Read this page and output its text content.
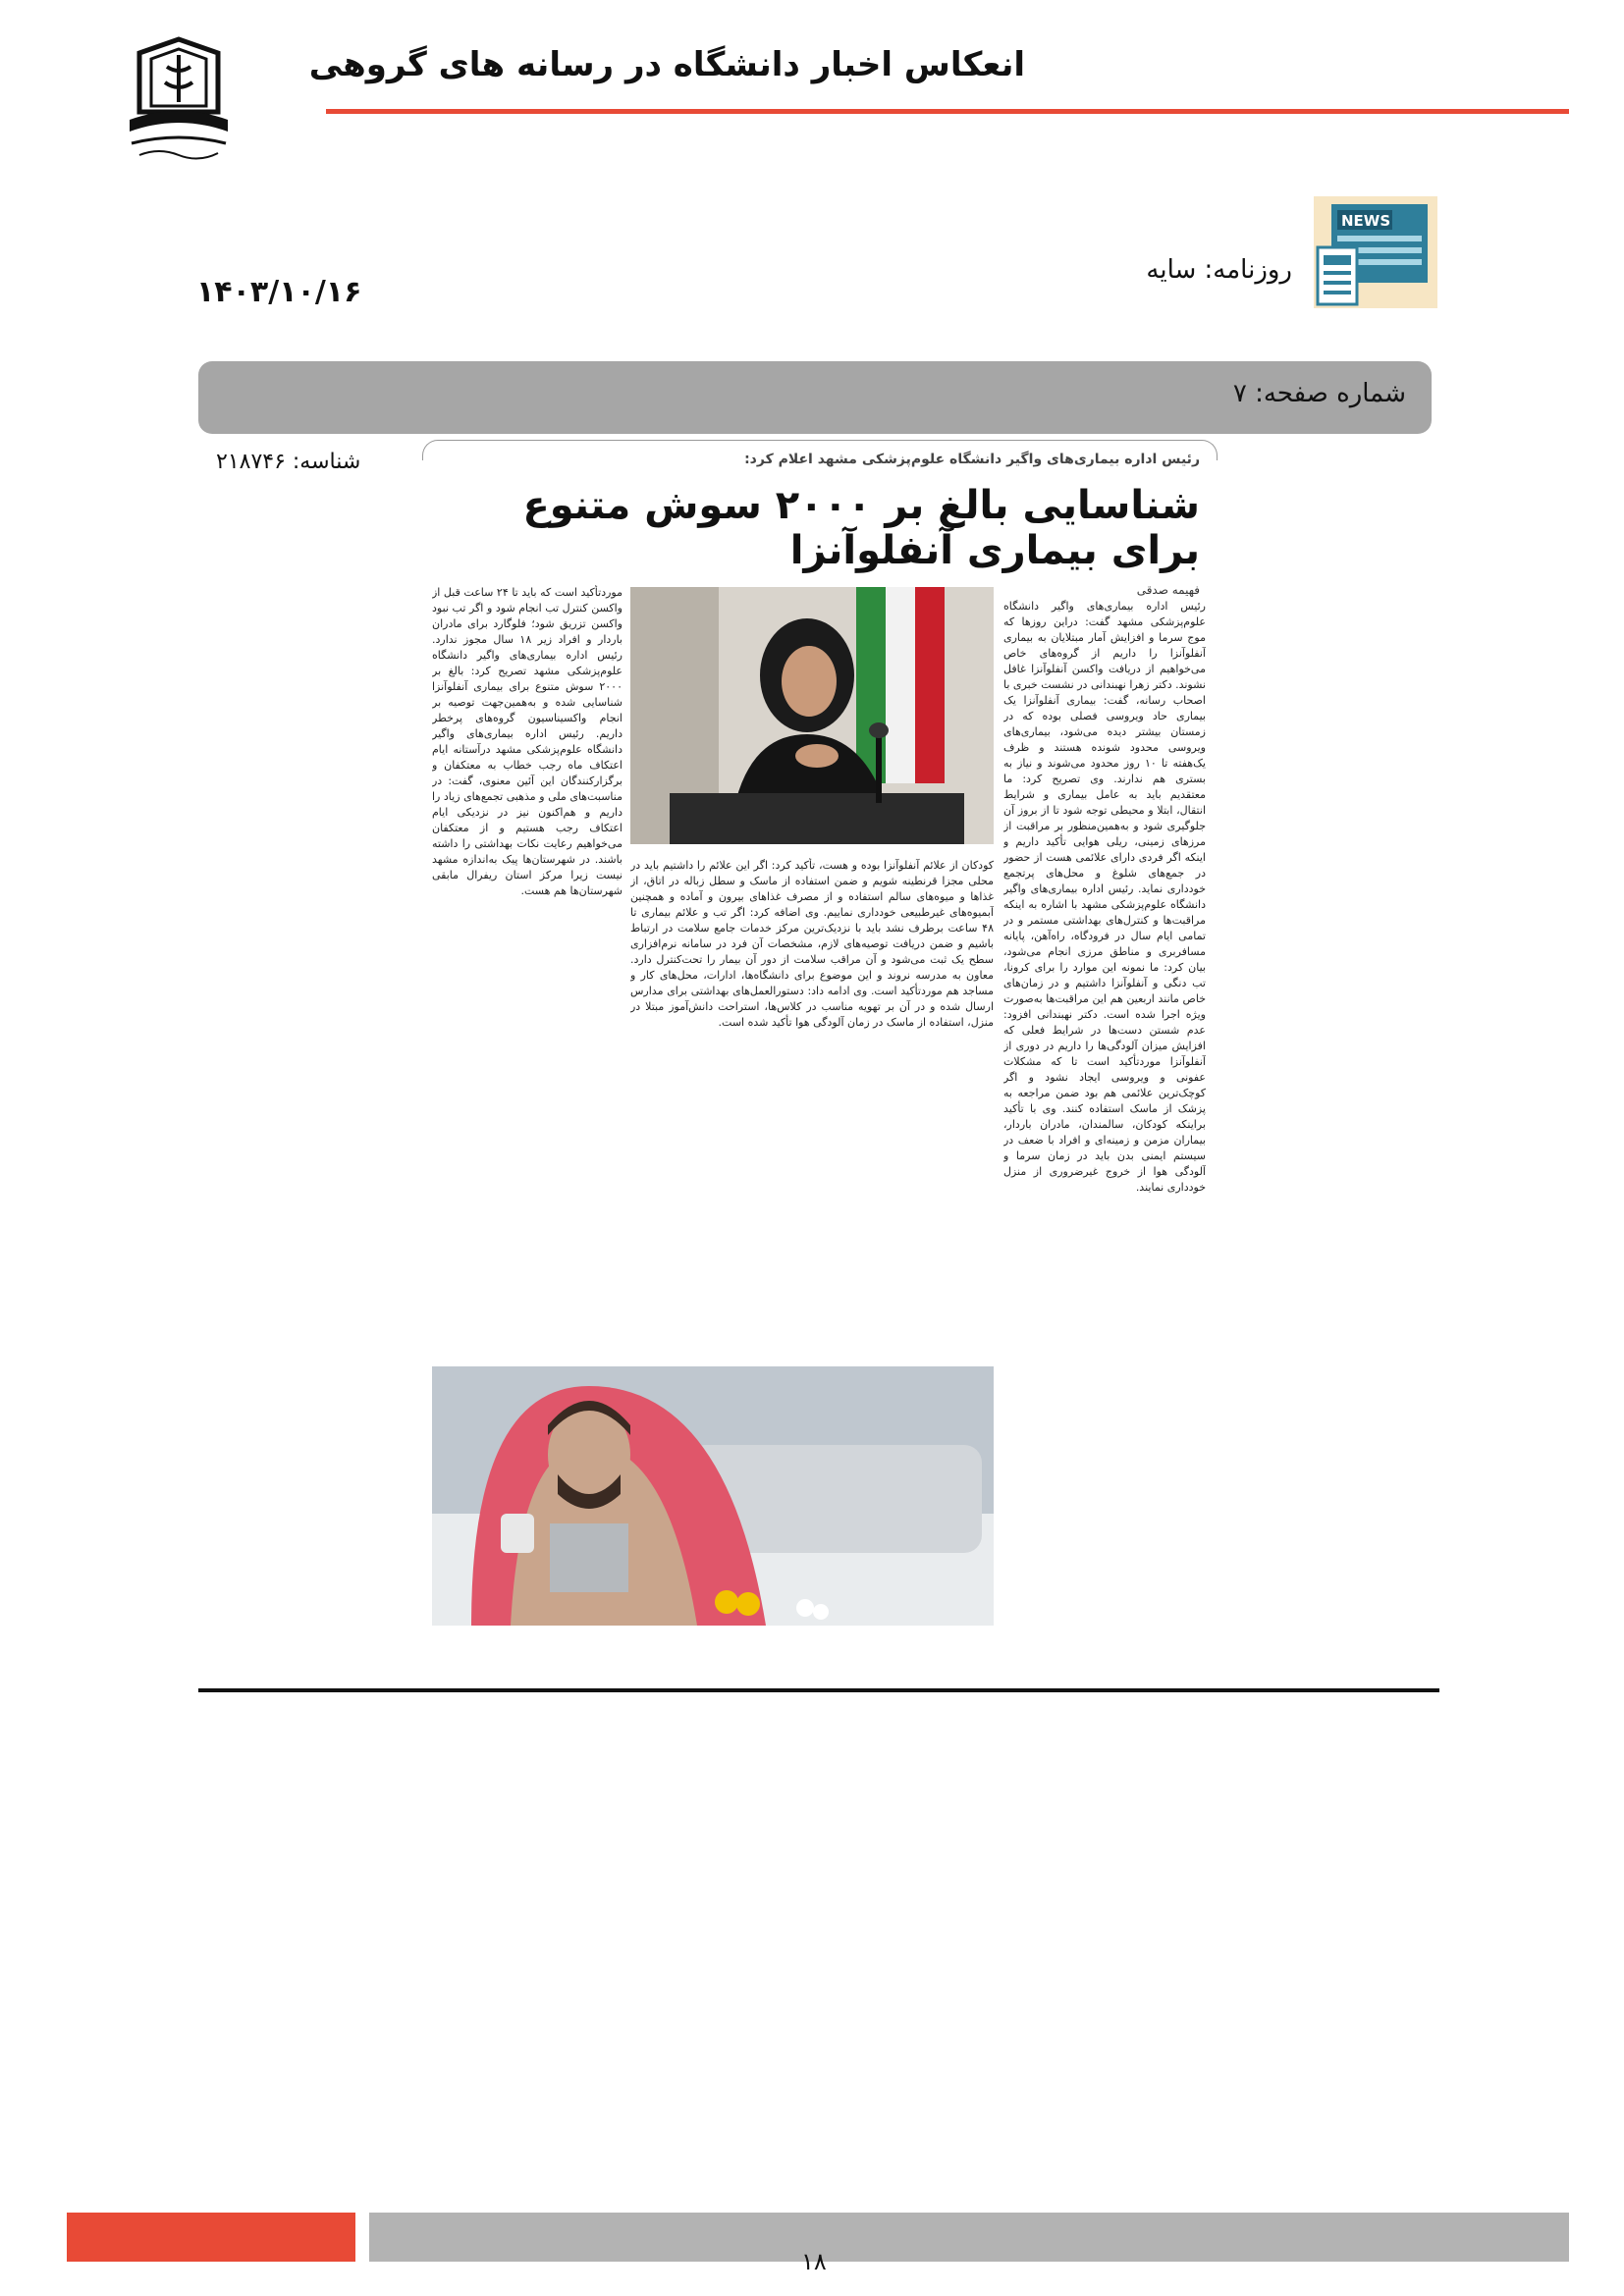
انعکاس اخبار دانشگاه در رسانه های گروهی
NEWS
روزنامه: سایه
۱۴۰۳/۱۰/۱۶
شماره صفحه: ۷
شناسه: ۲۱۸۷۴۶	رئیس اداره بیماری‌های واگیر دانشگاه علوم‌پزشکی مشهد اعلام کرد:
شناسایی بالغ بر ۲۰۰۰ سوش متنوع برای بیماری آنفلوآنزا
فهیمه صدقی
رئیس اداره بیماری‌های واگیر دانشگاه علوم‌پزشکی مشهد گفت: دراین روزها که موج سرما و افزایش آمار مبتلایان به بیماری آنفلوآنزا را داریم از گروه‌های خاص می‌خواهیم از دریافت واکسن آنفلوآنزا غافل نشوند. دکتر زهرا نهبندانی در نشست خبری با اصحاب رسانه، گفت: بیماری آنفلوآنزا یک بیماری حاد ویروسی فصلی بوده که در زمستان بیشتر دیده می‌شود، بیماری‌های ویروسی محدود شونده هستند و ظرف یک‌هفته تا ۱۰ روز محدود می‌شوند و نیاز به بستری هم ندارند. وی تصریح کرد: ما معتقدیم باید به عامل بیماری و شرایط انتقال، ابتلا و محیطی توجه شود تا از بروز آن جلوگیری شود و به‌همین‌منظور بر مراقبت از مرزهای زمینی، ریلی هوایی تأکید داریم و اینکه اگر فردی دارای علائمی هست از حضور در جمع‌های شلوغ و محل‌های پرتجمع خودداری نماید. رئیس اداره بیماری‌های واگیر دانشگاه علوم‌پزشکی مشهد با اشاره به اینکه مراقبت‌ها و کنترل‌های بهداشتی مستمر و در تمامی ایام سال در فرودگاه، راه‌آهن، پایانه مسافربری و مناطق مرزی انجام می‌شود، بیان کرد: ما نمونه این موارد را برای کرونا، تب دنگی و آنفلوآنزا داشتیم و در زمان‌های خاص مانند اربعین هم این مراقبت‌ها به‌صورت ویژه اجرا شده است. دکتر نهبندانی افزود: عدم شستن دست‌ها در شرایط فعلی که افزایش میزان آلودگی‌ها را داریم در دوری از آنفلوآنزا موردتأکید است تا که مشکلات عفونی و ویروسی ایجاد نشود و اگر کوچک‌ترین علائمی هم بود ضمن مراجعه به پزشک از ماسک استفاده کنند. وی با تأکید براینکه کودکان، سالمندان، مادران باردار، بیماران مزمن و زمینه‌ای و افراد با ضعف در سیستم ایمنی بدن باید در زمان سرما و آلودگی هوا از خروج غیرضروری از منزل خودداری نمایند.
کودکان از علائم آنفلوآنزا بوده و هست، تأکید کرد: اگر این علائم را داشتیم باید در محلی مجزا قرنطینه شویم و ضمن استفاده از ماسک و سطل زباله در اتاق، از غذاها و میوه‌های سالم استفاده و از مصرف غذاهای بیرون و آماده و همچنین آبمیوه‌های غیرطبیعی خودداری نماییم. وی اضافه کرد: اگر تب و علائم بیماری تا ۴۸ ساعت برطرف نشد باید با نزدیک‌ترین مرکز خدمات جامع سلامت در ارتباط باشیم و ضمن دریافت توصیه‌های لازم، مشخصات آن فرد در سامانه نرم‌افزاری سطح یک ثبت می‌شود و آن مراقب سلامت از دور آن بیمار را تحت‌کنترل دارد. معاون به مدرسه نروند و این موضوع برای دانشگاه‌ها، ادارات، محل‌های کار و مساجد هم موردتأکید است. وی ادامه داد: دستورالعمل‌های بهداشتی برای مدارس ارسال شده و در آن بر تهویه مناسب در کلاس‌ها، استراحت دانش‌آموز مبتلا در منزل، استفاده از ماسک در زمان آلودگی هوا تأکید شده است.
موردتأکید است که باید تا ۲۴ ساعت قبل از واکسن کنترل تب انجام شود و اگر تب نبود واکسن تزریق شود؛ فلوگارد برای مادران باردار و افراد زیر ۱۸ سال مجوز ندارد. رئیس اداره بیماری‌های واگیر دانشگاه علوم‌پزشکی مشهد تصریح کرد: بالغ بر ۲۰۰۰ سوش متنوع برای بیماری آنفلوآنزا شناسایی شده و به‌همین‌جهت توصیه بر انجام واکسیناسیون گروه‌های پرخطر داریم. رئیس اداره بیماری‌های واگیر دانشگاه علوم‌پزشکی مشهد درآستانه ایام اعتکاف ماه رجب خطاب به معتکفان و برگزارکنندگان این آئین معنوی، گفت: در مناسبت‌های ملی و مذهبی تجمع‌های زیاد را داریم و هم‌اکنون نیز در نزدیکی ایام اعتکاف رجب هستیم و از معتکفان می‌خواهیم رعایت نکات بهداشتی را داشته باشند. در شهرستان‌ها پیک به‌اندازه مشهد نیست زیرا مرکز استان ریفرال مابقی شهرستان‌ها هم هست.
۱۸
